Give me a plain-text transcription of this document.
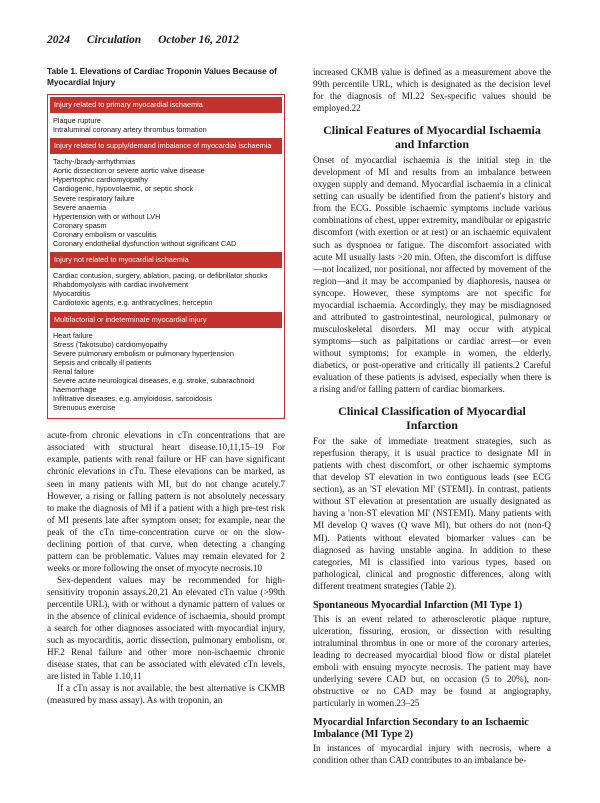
2024 Circulation October 16, 2012
Table 1. Elevations of Cardiac Troponin Values Because of Myocardial Injury
Injury related to primary myocardial ischaemia
Plaque rupture
Intraluminal coronary artery thrombus formation
Injury related to supply/demand imbalance of myocardial ischaemia
Tachy-/brady-arrhythmias
Aortic dissection or severe aortic valve disease
Hypertrophic cardiomyopathy
Cardiogenic, hypovolaemic, or septic shock
Severe respiratory failure
Severe anaemia
Hypertension with or without LVH
Coronary spasm
Coronary embolism or vasculitis
Coronary endothelial dysfunction without significant CAD
Injury not related to myocardial ischaemia
Cardiac contusion, surgery, ablation, pacing, or defibrillator shocks
Rhabdomyolysis with cardiac involvement
Myocarditis
Cardiotoxic agents, e.g. anthracyclines, herceptin
Multifactorial or indeterminate myocardial injury
Heart failure
Stress (Takotsubo) cardiomyopathy
Severe pulmonary embolism or pulmonary hypertension
Sepsis and critically ill patients
Renal failure
Severe acute neurological diseases, e.g. stroke, subarachnoid haemorrhage
Infiltrative diseases, e.g. amyloidosis, sarcoidosis
Strenuous exercise

acute-from chronic elevations in cTn concentrations that are associated with structural heart disease.10,11,15–19 For example, patients with renal failure or HF can have significant chronic elevations in cTn. These elevations can be marked, as seen in many patients with MI, but do not change acutely.7 However, a rising or falling pattern is not absolutely necessary to make the diagnosis of MI if a patient with a high pre-test risk of MI presents late after symptom onset; for example, near the peak of the cTn time-concentration curve or on the slow-declining portion of that curve, when detecting a changing pattern can be problematic. Values may remain elevated for 2 weeks or more following the onset of myocyte necrosis.10

Sex-dependent values may be recommended for high-sensitivity troponin assays.20,21 An elevated cTn value (>99th percentile URL), with or without a dynamic pattern of values or in the absence of clinical evidence of ischaemia, should prompt a search for other diagnoses associated with myocardial injury, such as myocarditis, aortic dissection, pulmonary embolism, or HF.2 Renal failure and other more non-ischaemic chronic disease states, that can be associated with elevated cTn levels, are listed in Table 1.10,11

If a cTn assay is not available, the best alternative is CKMB (measured by mass assay). As with troponin, an

increased CKMB value is defined as a measurement above the 99th percentile URL, which is designated as the decision level for the diagnosis of MI.22 Sex-specific values should be employed.22

Clinical Features of Myocardial Ischaemia and Infarction

Onset of myocardial ischaemia is the initial step in the development of MI and results from an imbalance between oxygen supply and demand. Myocardial ischaemia in a clinical setting can usually be identified from the patient's history and from the ECG. Possible ischaemic symptoms include various combinations of chest, upper extremity, mandibular or epigastric discomfort (with exertion or at rest) or an ischaemic equivalent such as dyspnoea or fatigue. The discomfort associated with acute MI usually lasts >20 min. Often, the discomfort is diffuse—not localized, nor positional, nor affected by movement of the region—and it may be accompanied by diaphoresis, nausea or syncope. However, these symptoms are not specific for myocardial ischaemia. Accordingly, they may be misdiagnosed and attributed to gastrointestinal, neurological, pulmonary or musculoskeletal disorders. MI may occur with atypical symptoms—such as palpitations or cardiac arrest—or even without symptoms; for example in women, the elderly, diabetics, or post-operative and critically ill patients.2 Careful evaluation of these patients is advised, especially when there is a rising and/or falling pattern of cardiac biomarkers.

Clinical Classification of Myocardial Infarction

For the sake of immediate treatment strategies, such as reperfusion therapy, it is usual practice to designate MI in patients with chest discomfort, or other ischaemic symptoms that develop ST elevation in two contiguous leads (see ECG section), as an 'ST elevation MI' (STEMI). In contrast, patients without ST elevation at presentation are usually designated as having a 'non-ST elevation MI' (NSTEMI). Many patients with MI develop Q waves (Q wave MI), but others do not (non-Q MI). Patients without elevated biomarker values can be diagnosed as having unstable angina. In addition to these categories, MI is classified into various types, based on pathological, clinical and prognostic differences, along with different treatment strategies (Table 2).

Spontaneous Myocardial Infarction (MI Type 1)

This is an event related to atherosclerotic plaque rupture, ulceration, fissuring, erosion, or dissection with resulting intraluminal thrombus in one or more of the coronary arteries, leading to decreased myocardial blood flow or distal platelet emboli with ensuing myocyte necrosis. The patient may have underlying severe CAD but, on occasion (5 to 20%), non-obstructive or no CAD may be found at angiography, particularly in women.23–25

Myocardial Infarction Secondary to an Ischaemic Imbalance (MI Type 2)

In instances of myocardial injury with necrosis, where a condition other than CAD contributes to an imbalance be-
